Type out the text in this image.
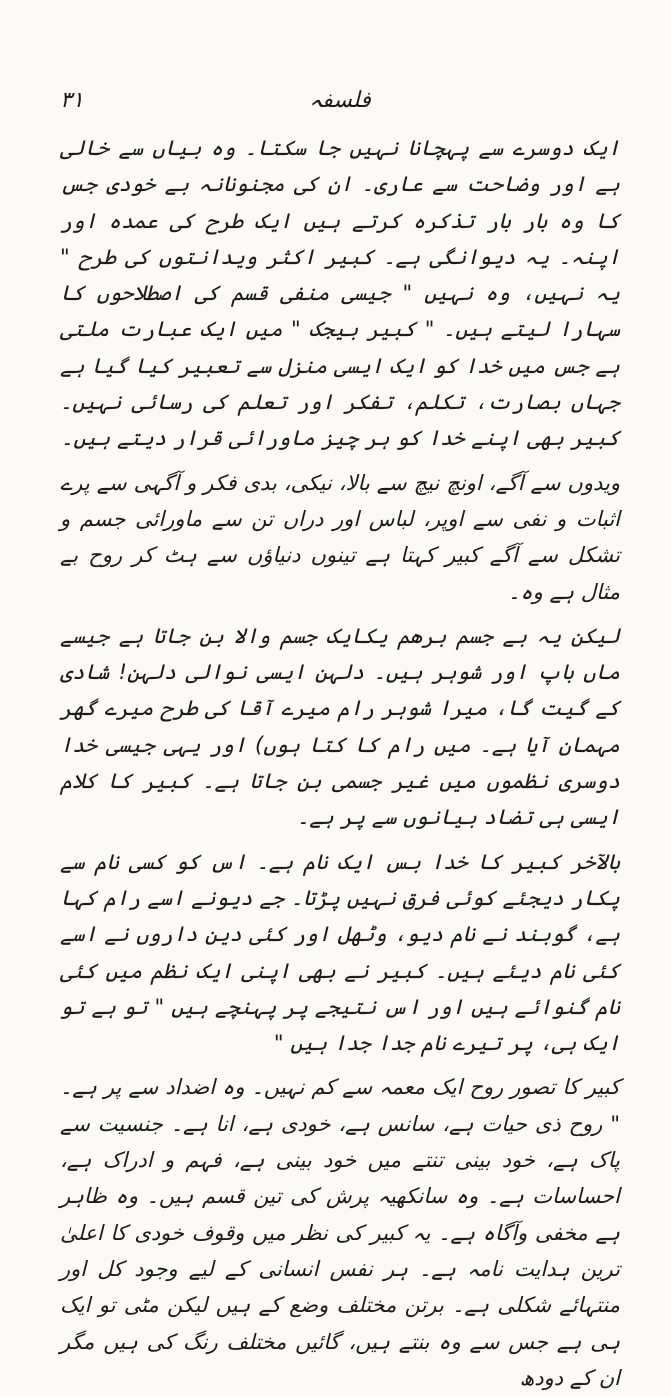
۳۱	فلسفہ

ایک دوسرے سے پہچانا نہیں جا سکتا۔ وہ بیاں سے خالی ہے اور وضاحت سے عاری۔ ان کی مجنونانہ بے خودی جس کا وہ بار بار تذکرہ کرتے ہیں ایک طرح کی عمدہ اور اپنہ۔ یہ دیوانگی ہے۔ کبیر اکثر ویدانتوں کی طرح " یہ نہیں، وہ نہیں " جیسی منفی قسم کی اصطلاحوں کا سہارا لیتے ہیں۔ " کبیر بیجک " میں ایک عبارت ملتی ہے جس میں خدا کو ایک ایسی منزل سے تعبیر کیا گیا ہے جہاں بصارت، تکلم، تفکر اور تعلم کی رسائی نہیں۔ کبیر بھی اپنے خدا کو ہر چیز ماورائی قرار دیتے ہیں۔

ویدوں سے آگے، اونچ نیچ سے بالا، نیکی، بدی فکر و آگہی سے پرے اثبات و نفی سے اوپر، لباس اور دراں تن سے ماورائی جسم و تشکل سے آگے کبیر کہتا ہے تینوں دنیاؤں سے ہٹ کر روح بے مثال ہے وہ۔

لیکن یہ بے جسم برھم یکایک جسم والا بن جاتا ہے جیسے ماں باپ اور شوہر ہیں۔ دلہن ایسی نوالی دلہن! شادی کے گیت گا، میرا شوہر رام میرے آقا کی طرح میرے گھر مہمان آیا ہے۔ میں رام کا کتا ہوں) اور یہی جیسی خدا دوسری نظموں میں غیر جسمی بن جاتا ہے۔ کبیر کا کلام ایسی ہی تضاد بیانوں سے پر ہے۔

بالآخر کبیر کا خدا بس ایک نام ہے۔ اس کو کسی نام سے پکار دیجئے کوئی فرق نہیں پڑتا۔ جے دیونے اسے رام کہا ہے، گوبند نے نام دیو، وٹھل اور کئی دین داروں نے اسے کئی نام دیئے ہیں۔ کبیر نے بھی اپنی ایک نظم میں کئی نام گنوائے ہیں اور اس نتیجے پر پہنچے ہیں " تو ہے تو ایک ہی، پر تیرے نام جدا جدا ہیں "

کبیر کا تصور روح ایک معمہ سے کم نہیں۔ وہ اضداد سے پر ہے۔ " روح ذی حیات ہے، سانس ہے، خودی ہے، انا ہے۔ جنسیت سے پاک ہے، خود بینی تنتے میں خود بینی ہے، فہم و ادراک ہے، احساسات ہے۔ وہ سانکھیہ پرش کی تین قسم ہیں۔ وہ ظاہر ہے مخفی وآگاہ ہے۔ یہ کبیر کی نظر میں وقوف خودی کا اعلیٰ ترین ہدایت نامہ ہے۔ ہر نفس انسانی کے لیے وجود کل اور منتہائے شکلی ہے۔ برتن مختلف وضع کے ہیں لیکن مٹی تو ایک ہی ہے جس سے وہ بنتے ہیں، گائیں مختلف رنگ کی ہیں مگر ان کے دودھ
